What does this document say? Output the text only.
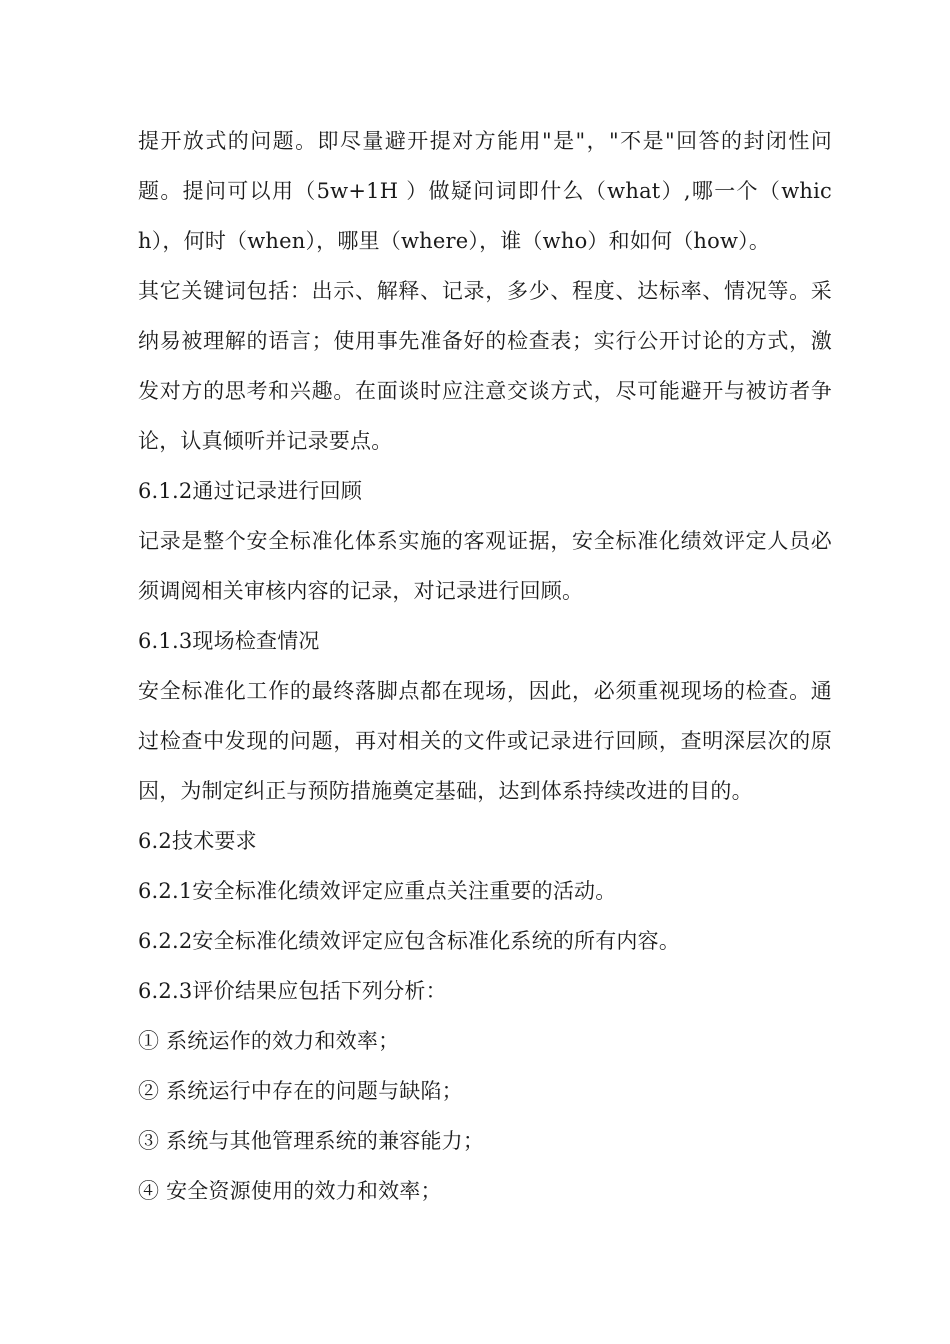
提开放式的问题。即尽量避开提对方能用"是"，"不是"回答的封闭性问题。提问可以用（5w+1H ）做疑问词即什么（what）,哪一个（which），何时（when），哪里（where），谁（who）和如何（how）。

其它关键词包括：出示、解释、记录，多少、程度、达标率、情况等。采纳易被理解的语言；使用事先准备好的检查表；实行公开讨论的方式，激发对方的思考和兴趣。在面谈时应注意交谈方式，尽可能避开与被访者争论，认真倾听并记录要点。

6.1.2通过记录进行回顾

记录是整个安全标准化体系实施的客观证据，安全标准化绩效评定人员必须调阅相关审核内容的记录，对记录进行回顾。

6.1.3现场检查情况

安全标准化工作的最终落脚点都在现场，因此，必须重视现场的检查。通过检查中发现的问题，再对相关的文件或记录进行回顾，查明深层次的原因，为制定纠正与预防措施奠定基础，达到体系持续改进的目的。

6.2技术要求

6.2.1安全标准化绩效评定应重点关注重要的活动。

6.2.2安全标准化绩效评定应包含标准化系统的所有内容。

6.2.3评价结果应包括下列分析：

① 系统运作的效力和效率；

② 系统运行中存在的问题与缺陷；

③ 系统与其他管理系统的兼容能力；

④ 安全资源使用的效力和效率；
